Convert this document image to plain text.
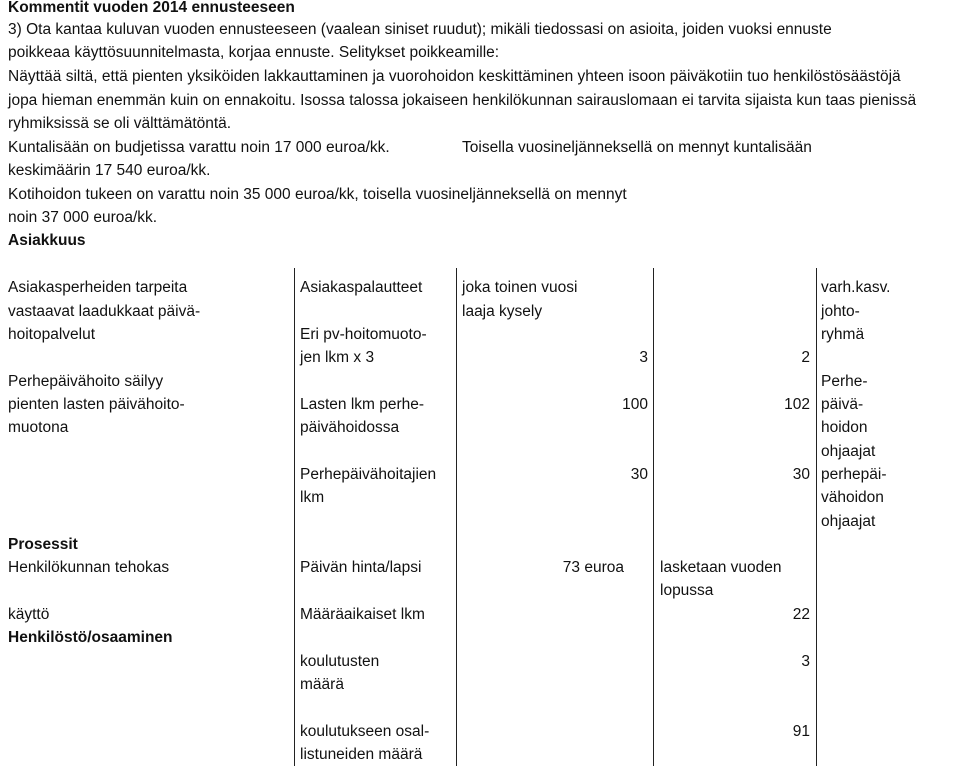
Kommentit vuoden 2014 ennusteeseen
3) Ota kantaa kuluvan vuoden ennusteeseen (vaalean siniset ruudut); mikäli tiedossasi on asioita, joiden vuoksi ennuste
poikkeaa käyttösuunnitelmasta, korjaa ennuste. Selitykset poikkeamille:
Näyttää siltä, että pienten yksiköiden lakkauttaminen ja vuorohoidon keskittäminen yhteen isoon päiväkotiin tuo henkilöstösäästöjä
jopa hieman enemmän kuin on ennakoitu. Isossa talossa jokaiseen henkilökunnan sairauslomaan ei tarvita sijaista kun taas pienissä
ryhmiksissä se oli välttämätöntä.
Kuntalisään on budjetissa varattu noin 17 000 euroa/kk.	Toisella vuosineljänneksellä on mennyt kuntalisään
keskimäärin 17 540 euroa/kk.
Kotihoidon tukeen on varattu noin 35 000 euroa/kk, toisella vuosineljänneksellä on mennyt
noin 37 000 euroa/kk.
Asiakkuus
Asiakasperheiden tarpeita
vastaavat laadukkaat päivä-
hoitopalvelut
Perhepäivähoito säilyy
pienten lasten päivähoito-
muotona
Prosessit
Henkilökunnan tehokas
käyttö
Henkilöstö/osaaminen
Asiakaspalautteet
Eri pv-hoitomuoto-
jen lkm x 3
Lasten lkm perhe-
päivähoidossa
Perhepäivähoitajien
lkm
Päivän hinta/lapsi
Määräaikaiset lkm
koulutusten
määrä
koulutukseen osal-
listuneiden määrä
joka toinen vuosi
laaja kysely
3
100
30
73 euroa
2
102
30
lasketaan vuoden
lopussa
22
3
91
varh.kasv.
johto-
ryhmä
Perhe-
päivä-
hoidon
ohjaajat
perhepäi-
vähoidon
ohjaajat
